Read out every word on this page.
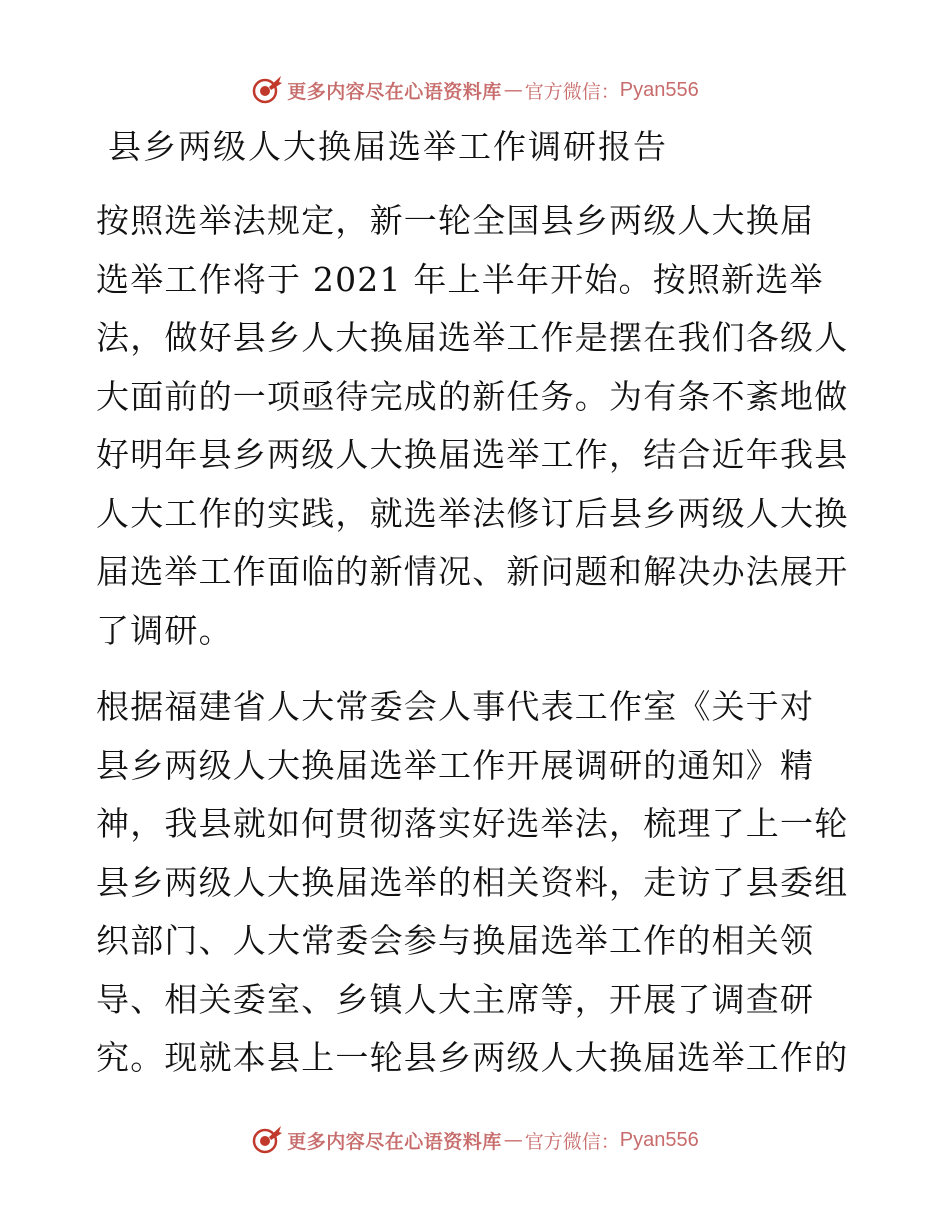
更多内容尽在心语资料库 — 官方微信： Pyan556
县乡两级人大换届选举工作调研报告
按照选举法规定，新一轮全国县乡两级人大换届
选举工作将于 2021 年上半年开始。按照新选举
法，做好县乡人大换届选举工作是摆在我们各级人
大面前的一项亟待完成的新任务。为有条不紊地做
好明年县乡两级人大换届选举工作，结合近年我县
人大工作的实践，就选举法修订后县乡两级人大换
届选举工作面临的新情况、新问题和解决办法展开
了调研。
根据福建省人大常委会人事代表工作室《关于对
县乡两级人大换届选举工作开展调研的通知》精
神，我县就如何贯彻落实好选举法，梳理了上一轮
县乡两级人大换届选举的相关资料，走访了县委组
织部门、人大常委会参与换届选举工作的相关领
导、相关委室、乡镇人大主席等，开展了调查研
究。现就本县上一轮县乡两级人大换届选举工作的
更多内容尽在心语资料库 — 官方微信： Pyan556
